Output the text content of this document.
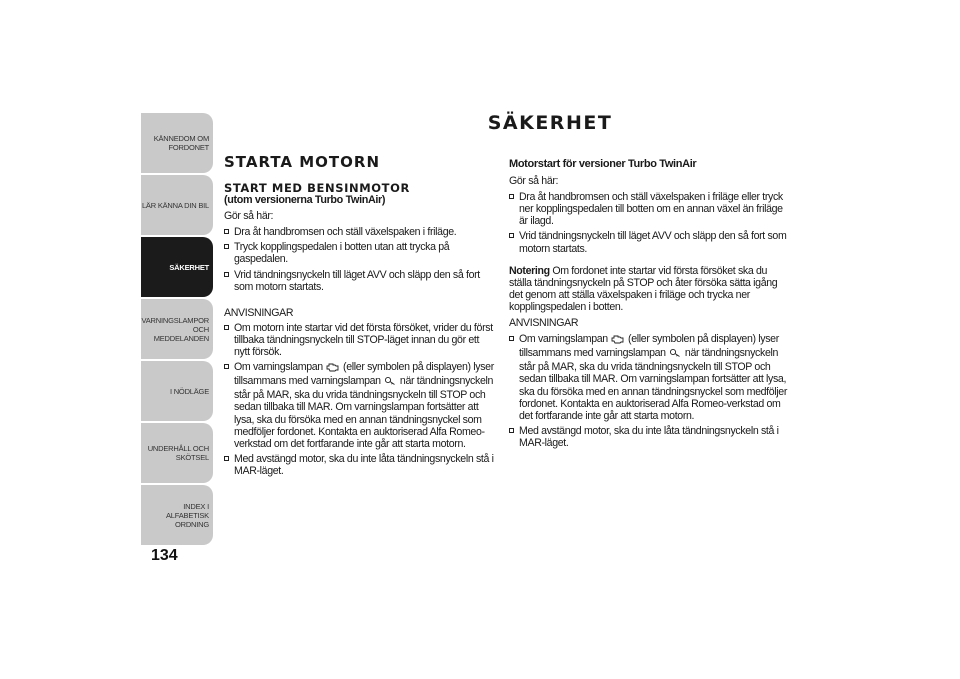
KÄNNEDOM OM FORDONET
LÄR KÄNNA DIN BIL
SÄKERHET
VARNINGSLAMPOR OCH MEDDELANDEN
I NÖDLÄGE
UNDERHÅLL OCH SKÖTSEL
INDEX I ALFABETISK ORDNING
134
SÄKERHET
STARTA MOTORN
START MED BENSINMOTOR

(utom versionerna Turbo TwinAir)

Gör så här:

Dra åt handbromsen och ställ växelspaken i friläge.
Tryck kopplingspedalen i botten utan att trycka på gaspedalen.
Vrid tändningsnyckeln till läget AVV och släpp den så fort som motorn startats.

ANVISNINGAR

Om motorn inte startar vid det första försöket, vrider du först tillbaka tändningsnyckeln till STOP-läget innan du gör ett nytt försök.
Om varningslampan (eller symbolen på displayen) lyser tillsammans med varningslampan när tändningsnyckeln står på MAR, ska du vrida tändningsnyckeln till STOP och sedan tillbaka till MAR. Om varningslampan fortsätter att lysa, ska du försöka med en annan tändningsnyckel som medföljer fordonet. Kontakta en auktoriserad Alfa Romeo-verkstad om det fortfarande inte går att starta motorn.
Med avstängd motor, ska du inte låta tändningsnyckeln stå i MAR-läget.
Motorstart för versioner Turbo TwinAir

Gör så här:

Dra åt handbromsen och ställ växelspaken i friläge eller tryck ner kopplingspedalen till botten om en annan växel än friläge är ilagd.
Vrid tändningsnyckeln till läget AVV och släpp den så fort som motorn startats.

Notering Om fordonet inte startar vid första försöket ska du ställa tändningsnyckeln på STOP och åter försöka sätta igång det genom att ställa växelspaken i friläge och trycka ner kopplingspedalen i botten.

ANVISNINGAR

Om varningslampan (eller symbolen på displayen) lyser tillsammans med varningslampan när tändningsnyckeln står på MAR, ska du vrida tändningsnyckeln till STOP och sedan tillbaka till MAR. Om varningslampan fortsätter att lysa, ska du försöka med en annan tändningsnyckel som medföljer fordonet. Kontakta en auktoriserad Alfa Romeo-verkstad om det fortfarande inte går att starta motorn.
Med avstängd motor, ska du inte låta tändningsnyckeln stå i MAR-läget.
